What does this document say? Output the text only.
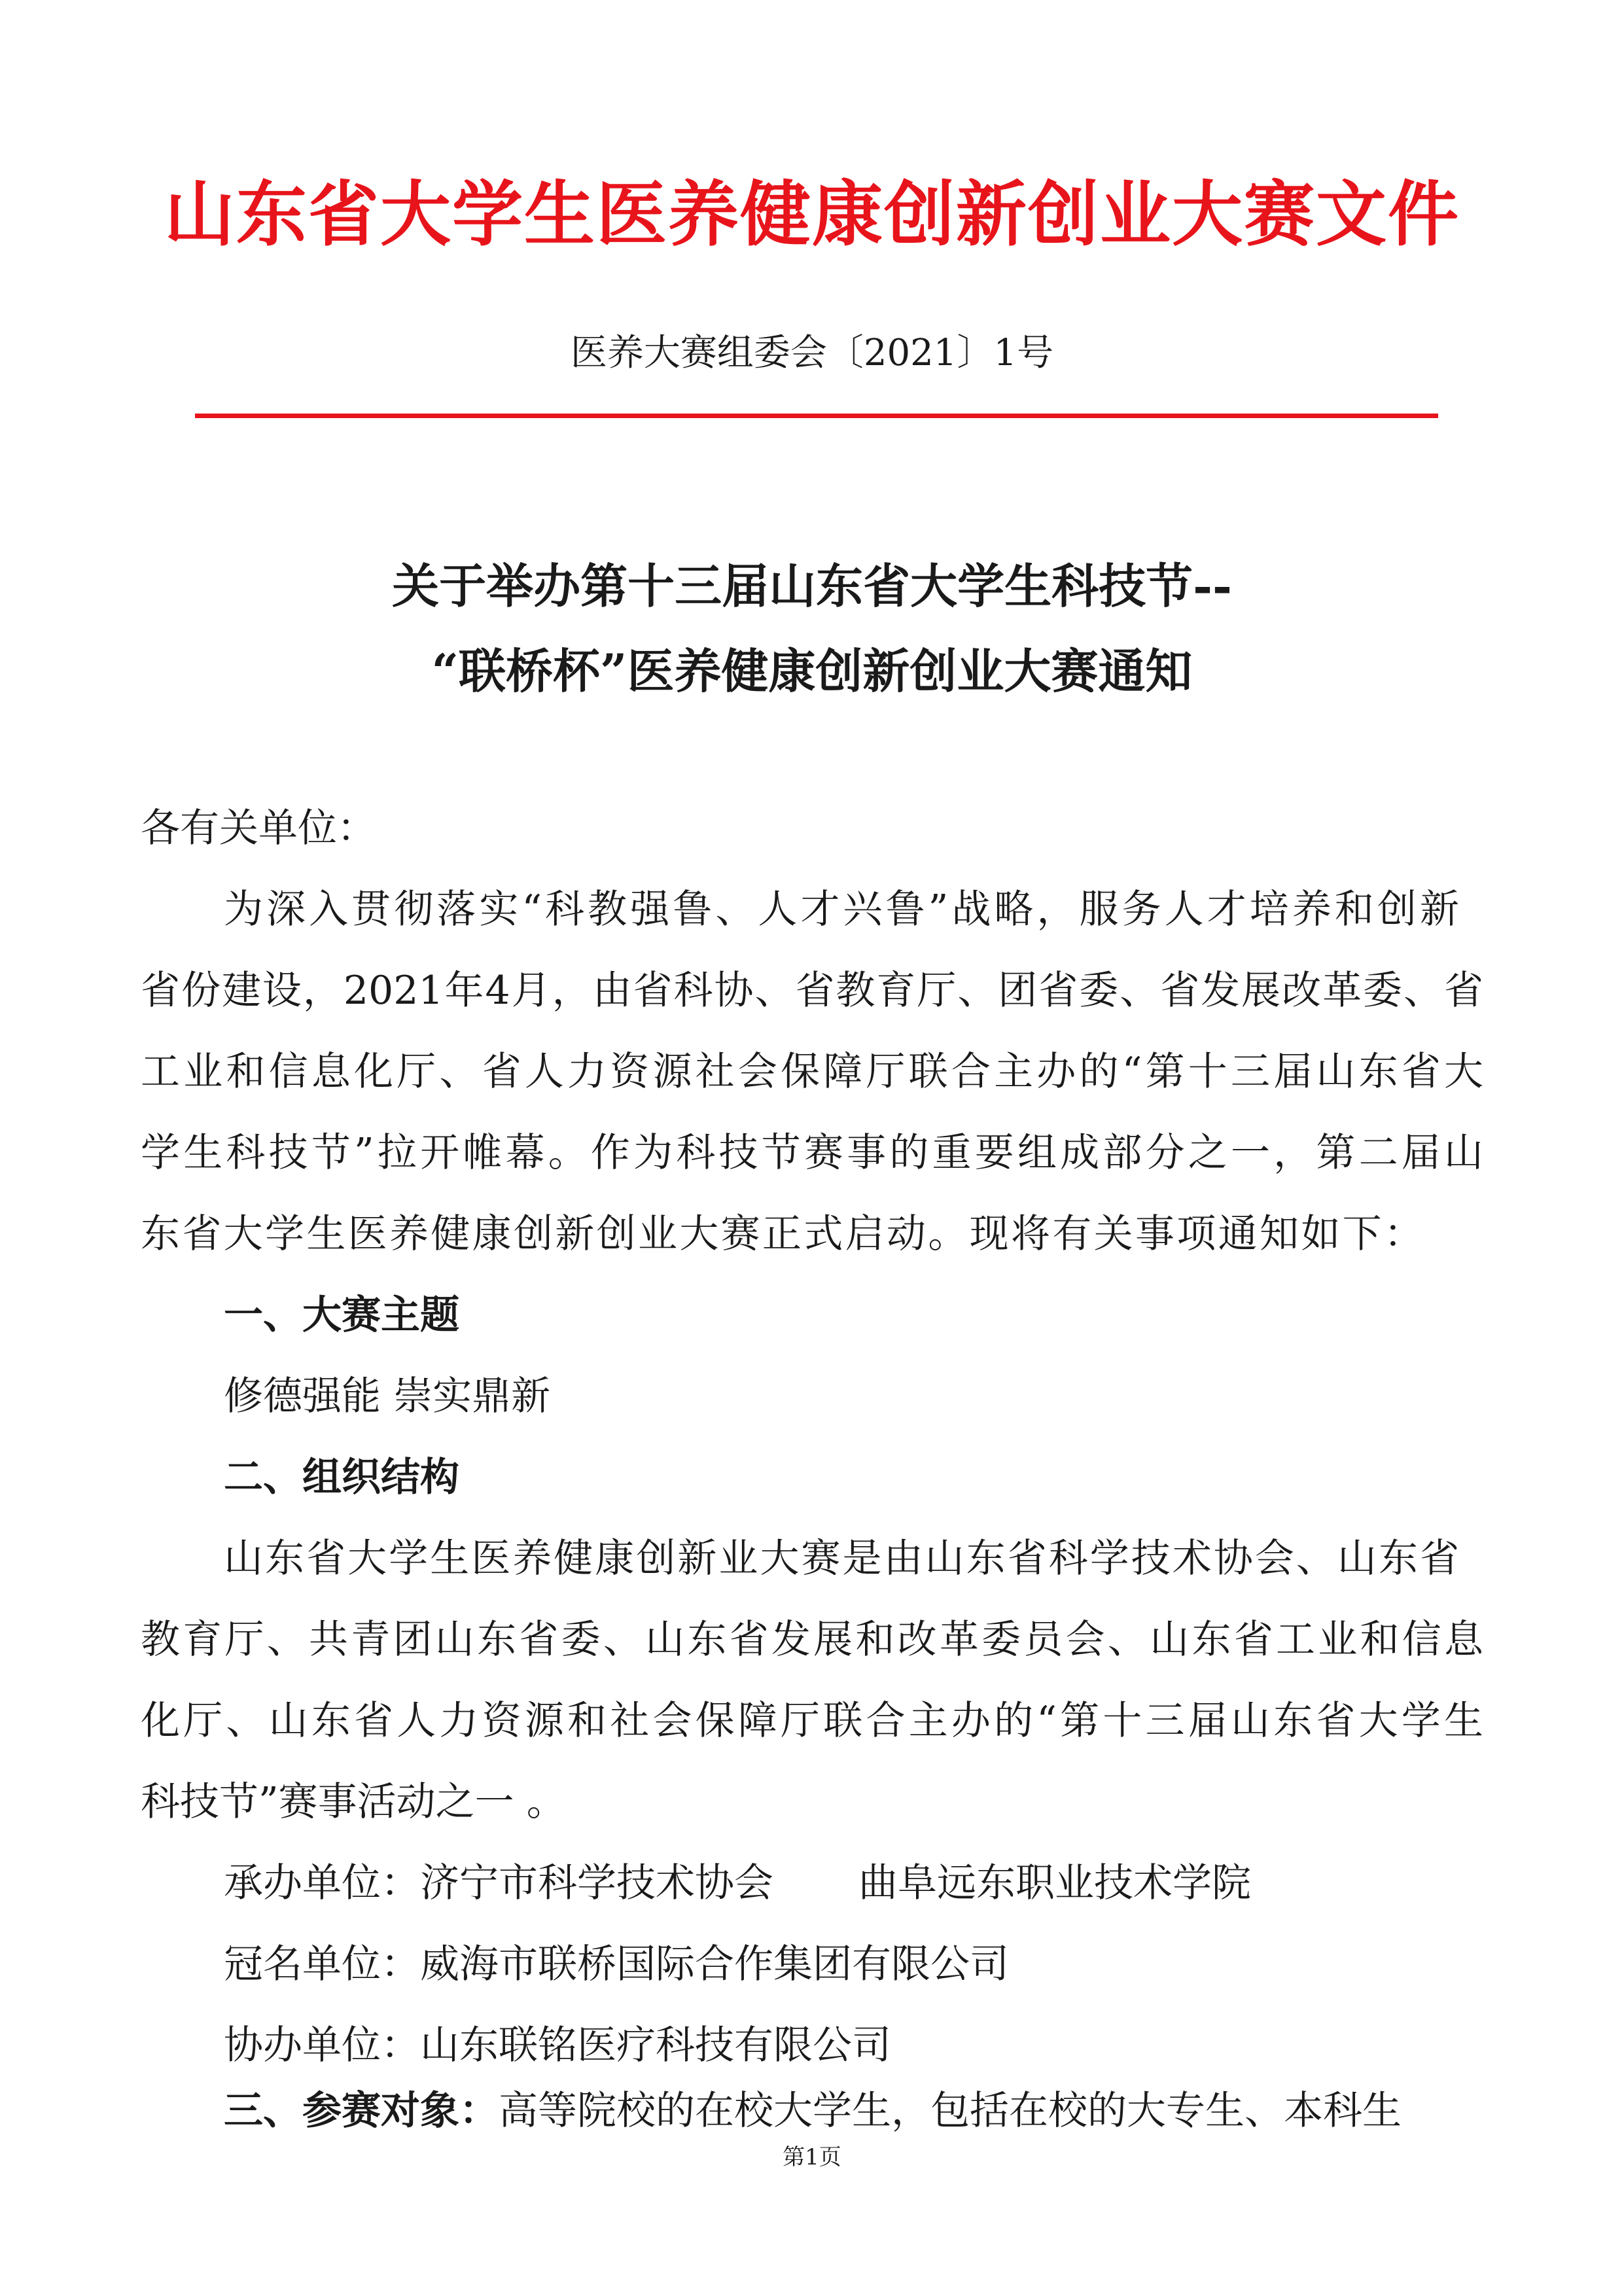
山东省大学生医养健康创新创业大赛文件
医养大赛组委会〔2021〕1号
关于举办第十三届山东省大学生科技节--
“联桥杯”医养健康创新创业大赛通知
各有关单位：
为深入贯彻落实“科教强鲁、人才兴鲁”战略，服务人才培养和创新
省份建设，2021年4月，由省科协、省教育厅、团省委、省发展改革委、省
工业和信息化厅、省人力资源社会保障厅联合主办的“第十三届山东省大
学生科技节”拉开帷幕。作为科技节赛事的重要组成部分之一，第二届山
东省大学生医养健康创新创业大赛正式启动。现将有关事项通知如下：
一、大赛主题
修德强能 崇实鼎新
二、组织结构
山东省大学生医养健康创新业大赛是由山东省科学技术协会、山东省
教育厅、共青团山东省委、山东省发展和改革委员会、山东省工业和信息
化厅、山东省人力资源和社会保障厅联合主办的“第十三届山东省大学生
科技节”赛事活动之一 。
承办单位：济宁市科学技术协会 曲阜远东职业技术学院
冠名单位：威海市联桥国际合作集团有限公司
协办单位：山东联铭医疗科技有限公司
三、参赛对象：高等院校的在校大学生，包括在校的大专生、本科生
第1页
